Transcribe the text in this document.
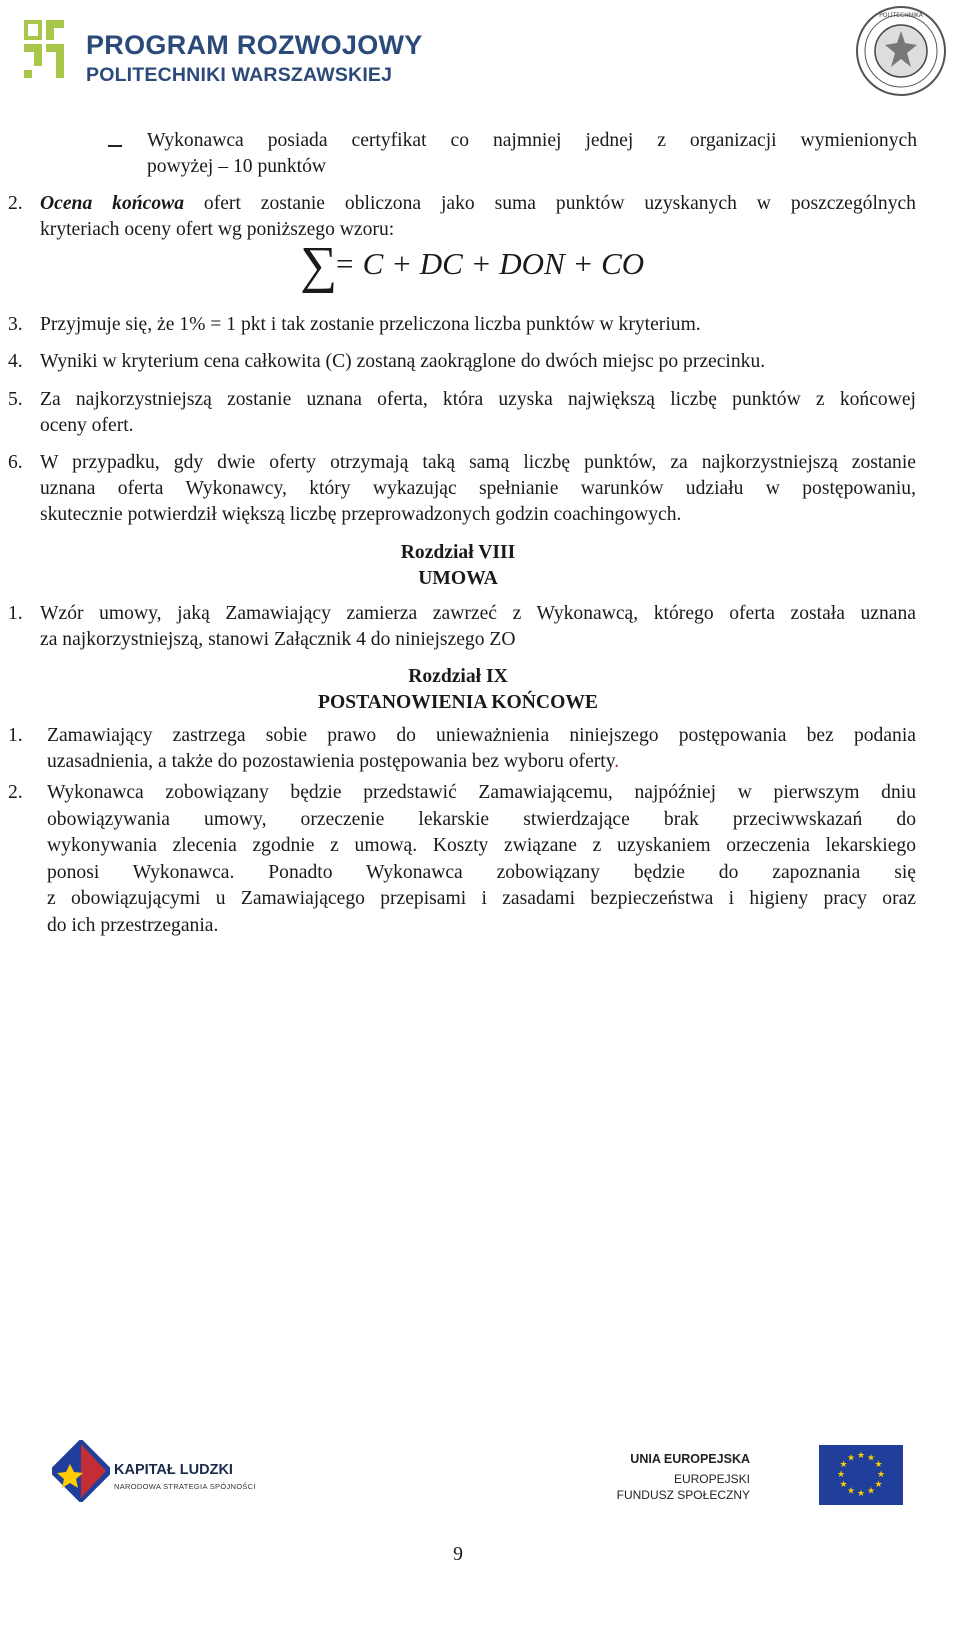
PROGRAM ROZWOJOWY
POLITECHNIKI WARSZAWSKIEJ
POLITECHNIKA
Wykonawca posiada certyfikat co najmniej jednej z organizacji wymienionych
powyżej – 10 punktów
2. Ocena końcowa ofert zostanie obliczona jako suma punktów uzyskanych w poszczególnych
kryteriach oceny ofert wg poniższego wzoru:
∑
= C + DC + DON + CO
3. Przyjmuje się, że 1% = 1 pkt i tak zostanie przeliczona liczba punktów w kryterium.
4. Wyniki w kryterium cena całkowita (C) zostaną zaokrąglone do dwóch miejsc po przecinku.
5. Za najkorzystniejszą zostanie uznana oferta, która uzyska największą liczbę punktów z końcowej
oceny ofert.
6. W przypadku, gdy dwie oferty otrzymają taką samą liczbę punktów, za najkorzystniejszą zostanie
uznana oferta Wykonawcy, który wykazując spełnianie warunków udziału w postępowaniu,
skutecznie potwierdził większą liczbę przeprowadzonych godzin coachingowych.
Rozdział VIII
UMOWA
1. Wzór umowy, jaką Zamawiający zamierza zawrzeć z Wykonawcą, którego oferta została uznana
za najkorzystniejszą, stanowi Załącznik 4 do niniejszego ZO
Rozdział IX
POSTANOWIENIA KOŃCOWE
1. Zamawiający zastrzega sobie prawo do unieważnienia niniejszego postępowania bez podania
uzasadnienia, a także do pozostawienia postępowania bez wyboru oferty.
2. Wykonawca zobowiązany będzie przedstawić Zamawiającemu, najpóźniej w pierwszym dniu
obowiązywania umowy, orzeczenie lekarskie stwierdzające brak przeciwwskazań do
wykonywania zlecenia zgodnie z umową. Koszty związane z uzyskaniem orzeczenia lekarskiego
ponosi Wykonawca. Ponadto Wykonawca zobowiązany będzie do zapoznania się
z obowiązującymi u Zamawiającego przepisami i zasadami bezpieczeństwa i higieny pracy oraz
do ich przestrzegania.
KAPITAŁ LUDZKI
NARODOWA STRATEGIA SPÓJNOŚCI
UNIA EUROPEJSKA
EUROPEJSKI
FUNDUSZ SPOŁECZNY
★ ★
★
★
★
★
★
★
★
★
★
★
9
